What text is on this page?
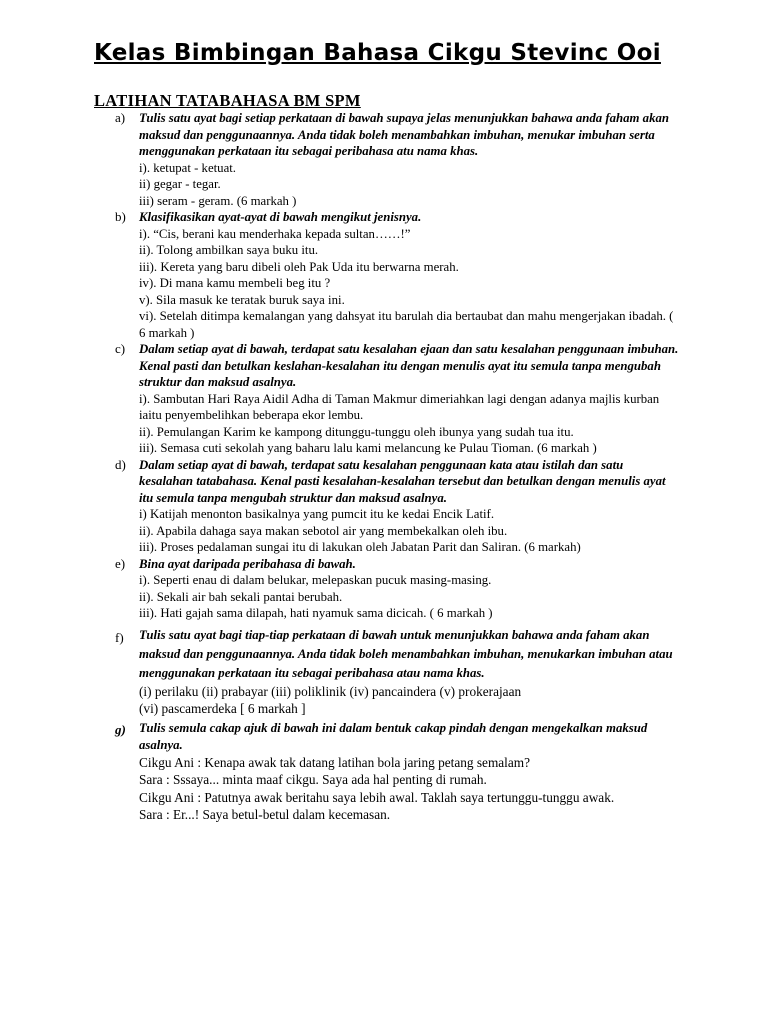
Kelas Bimbingan Bahasa Cikgu Stevinc Ooi
LATIHAN TATABAHASA BM SPM
a) Tulis satu ayat bagi setiap perkataan di bawah supaya jelas menunjukkan bahawa anda faham akan maksud dan penggunaannya. Anda tidak boleh menambahkan imbuhan, menukar imbuhan serta menggunakan perkataan itu sebagai peribahasa atu nama khas.
i). ketupat - ketuat.
ii) gegar - tegar.
iii) seram - geram. (6 markah )
b) Klasifikasikan ayat-ayat di bawah mengikut jenisnya.
i). “Cis, berani kau menderhaka kepada sultan……!”
ii). Tolong ambilkan saya buku itu.
iii). Kereta yang baru dibeli oleh Pak Uda itu berwarna merah.
iv). Di mana kamu membeli beg itu ?
v). Sila masuk ke teratak buruk saya ini.
vi). Setelah ditimpa kemalangan yang dahsyat itu barulah dia bertaubat dan mahu mengerjakan ibadah. ( 6 markah )
c) Dalam setiap ayat di bawah, terdapat satu kesalahan ejaan dan satu kesalahan penggunaan imbuhan. Kenal pasti dan betulkan keslahan-kesalahan itu dengan menulis ayat itu semula tanpa mengubah struktur dan maksud asalnya.
i). Sambutan Hari Raya Aidil Adha di Taman Makmur dimeriahkan lagi dengan adanya majlis kurban iaitu penyembelihkan beberapa ekor lembu.
ii). Pemulangan Karim ke kampong ditunggu-tunggu oleh ibunya yang sudah tua itu.
iii). Semasa cuti sekolah yang baharu lalu kami melancung ke Pulau Tioman. (6 markah )
d) Dalam setiap ayat di bawah, terdapat satu kesalahan penggunaan kata atau istilah dan satu kesalahan tatabahasa. Kenal pasti kesalahan-kesalahan tersebut dan betulkan dengan menulis ayat itu semula tanpa mengubah struktur dan maksud asalnya.
i) Katijah menonton basikalnya yang pumcit itu ke kedai Encik Latif.
ii). Apabila dahaga saya makan sebotol air yang membekalkan oleh ibu.
iii). Proses pedalaman sungai itu di lakukan oleh Jabatan Parit dan Saliran. (6 markah)
e) Bina ayat daripada peribahasa di bawah.
i). Seperti enau di dalam belukar, melepaskan pucuk masing-masing.
ii). Sekali air bah sekali pantai berubah.
iii). Hati gajah sama dilapah, hati nyamuk sama dicicah. ( 6 markah )
f) Tulis satu ayat bagi tiap-tiap perkataan di bawah untuk menunjukkan bahawa anda faham akan maksud dan penggunaannya. Anda tidak boleh menambahkan imbuhan, menukarkan imbuhan atau menggunakan perkataan itu sebagai peribahasa atau nama khas.
(i) perilaku (ii) prabayar (iii) poliklinik (iv) pancaindera (v) prokerajaan
(vi) pascamerdeka [ 6 markah ]
g) Tulis semula cakap ajuk di bawah ini dalam bentuk cakap pindah dengan mengekalkan maksud asalnya.
Cikgu Ani : Kenapa awak tak datang latihan bola jaring petang semalam?
Sara : Sssaya... minta maaf cikgu. Saya ada hal penting di rumah.
Cikgu Ani : Patutnya awak beritahu saya lebih awal. Taklah saya tertunggu-tunggu awak.
Sara : Er...! Saya betul-betul dalam kecemasan.
